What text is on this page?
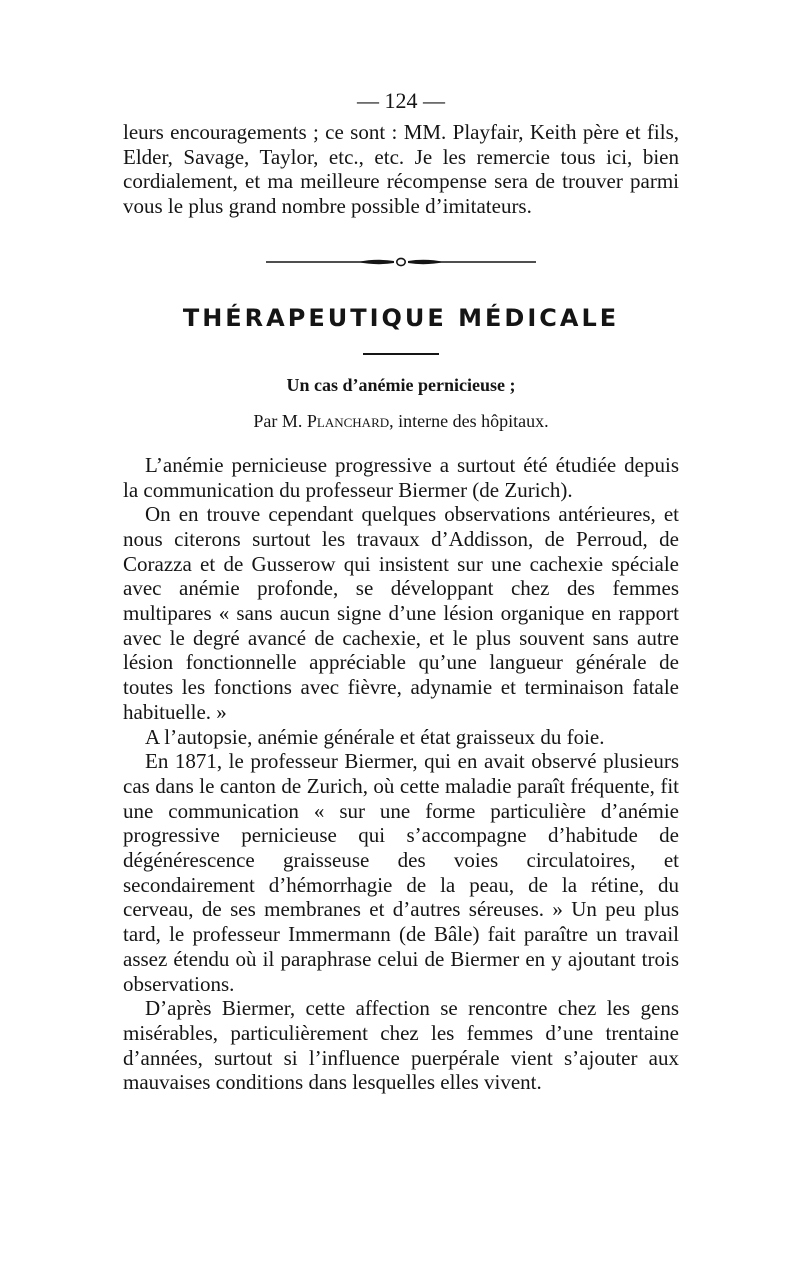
— 124 —

leurs encouragements ; ce sont : MM. Playfair, Keith père et fils, Elder, Savage, Taylor, etc., etc. Je les remercie tous ici, bien cordialement, et ma meilleure récompense sera de trouver parmi vous le plus grand nombre possible d’imitateurs.

THÉRAPEUTIQUE MÉDICALE
Un cas d’anémie pernicieuse ;
Par M. Planchard, interne des hôpitaux.

L’anémie pernicieuse progressive a surtout été étudiée depuis la communication du professeur Biermer (de Zurich).

On en trouve cependant quelques observations antérieures, et nous citerons surtout les travaux d’Addisson, de Perroud, de Corazza et de Gusserow qui insistent sur une cachexie spéciale avec anémie profonde, se développant chez des femmes multipares « sans aucun signe d’une lésion organique en rapport avec le degré avancé de cachexie, et le plus souvent sans autre lésion fonctionnelle appréciable qu’une langueur générale de toutes les fonctions avec fièvre, adynamie et terminaison fatale habituelle. »

A l’autopsie, anémie générale et état graisseux du foie.

En 1871, le professeur Biermer, qui en avait observé plusieurs cas dans le canton de Zurich, où cette maladie paraît fréquente, fit une communication « sur une forme particulière d’anémie progressive pernicieuse qui s’accompagne d’habitude de dégénérescence graisseuse des voies circulatoires, et secondairement d’hémorrhagie de la peau, de la rétine, du cerveau, de ses membranes et d’autres séreuses. » Un peu plus tard, le professeur Immermann (de Bâle) fait paraître un travail assez étendu où il paraphrase celui de Biermer en y ajoutant trois observations.

D’après Biermer, cette affection se rencontre chez les gens misérables, particulièrement chez les femmes d’une trentaine d’années, surtout si l’influence puerpérale vient s’ajouter aux mauvaises conditions dans lesquelles elles vivent.
